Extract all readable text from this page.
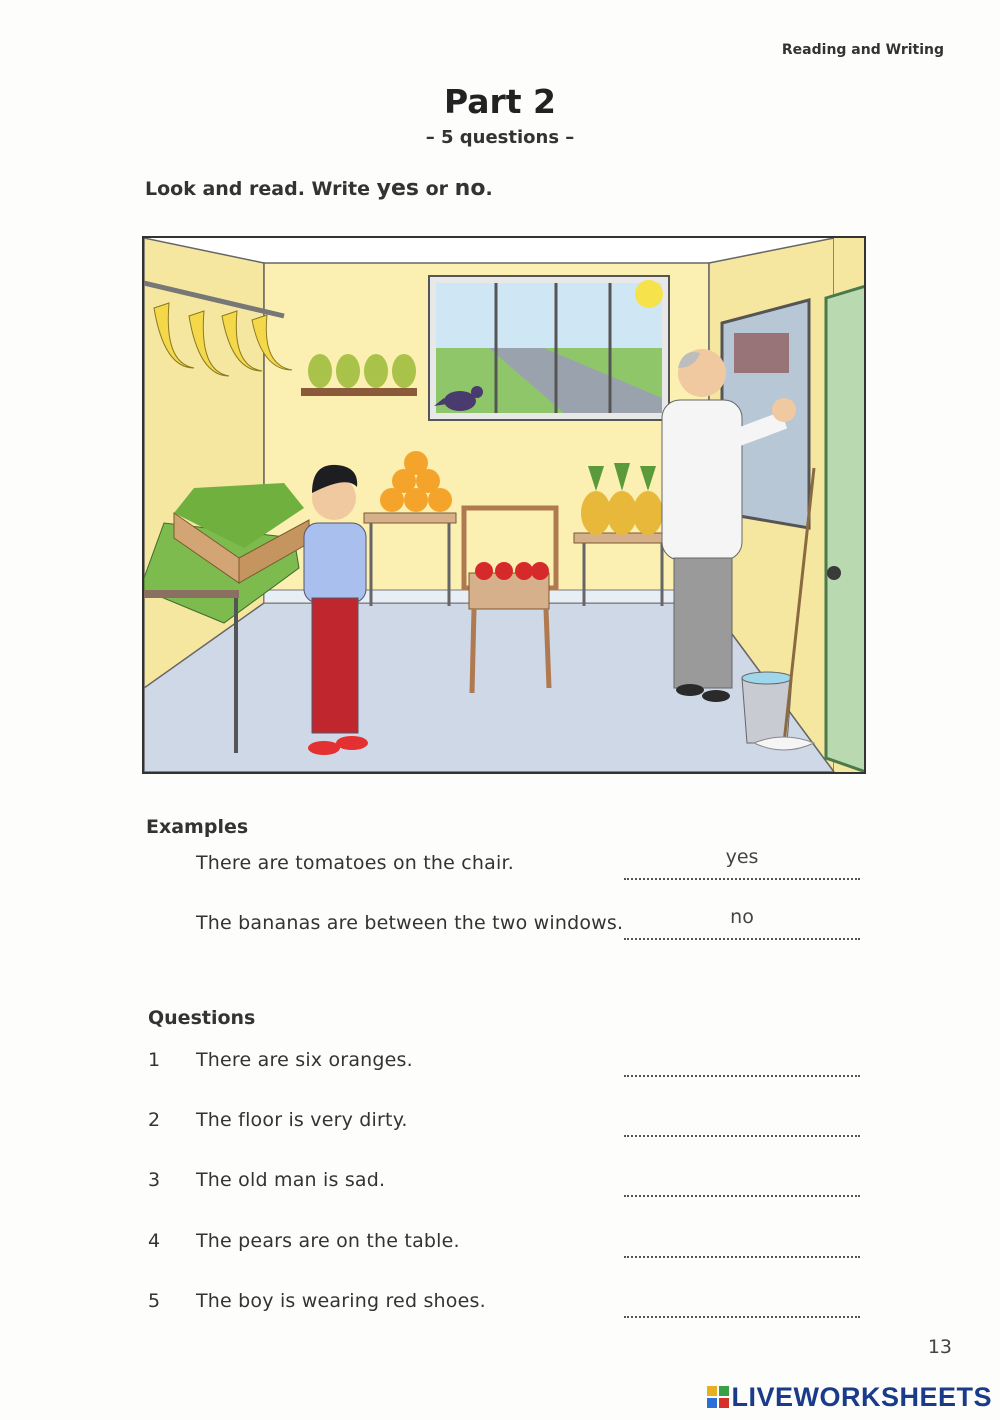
Reading and Writing
Part 2
– 5 questions –
Look and read. Write yes or no.
Examples
There are tomatoes on the chair.	yes
The bananas are between the two windows.	no
Questions
1 There are six oranges.
2 The floor is very dirty.
3 The old man is sad.
4 The pears are on the table.
5 The boy is wearing red shoes.
13
LIVEWORKSHEETS
